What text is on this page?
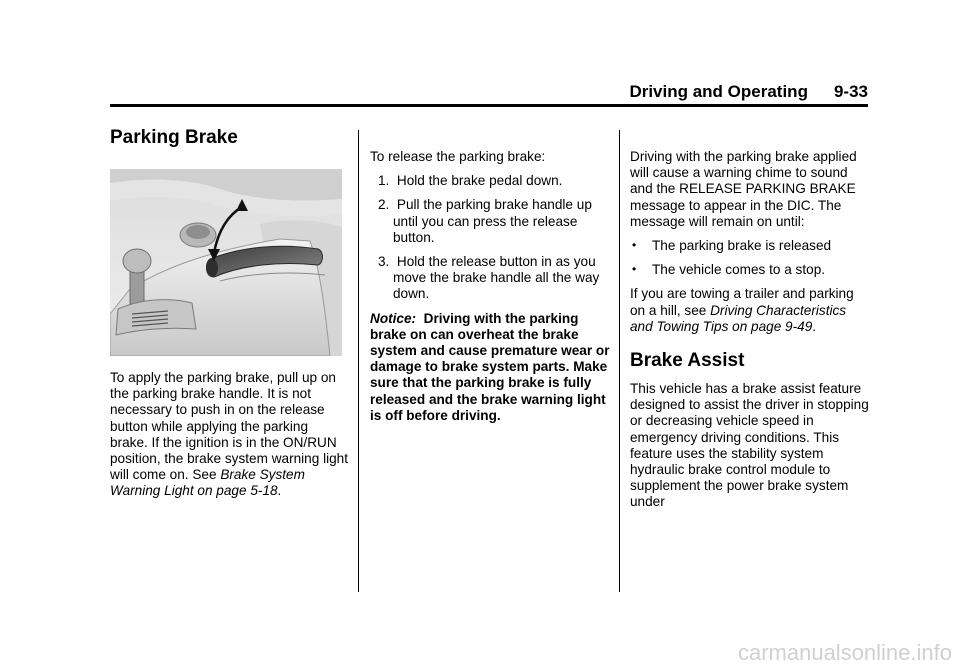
Driving and Operating 9-33
Parking Brake

To apply the parking brake, pull up on the parking brake handle. It is not necessary to push in on the release button while applying the parking brake. If the ignition is in the ON/RUN position, the brake system warning light will come on. See Brake System Warning Light on page 5-18.

To release the parking brake:

1. Hold the brake pedal down.
2. Pull the parking brake handle up until you can press the release button.
3. Hold the release button in as you move the brake handle all the way down.

Notice: Driving with the parking brake on can overheat the brake system and cause premature wear or damage to brake system parts. Make sure that the parking brake is fully released and the brake warning light is off before driving.

Driving with the parking brake applied will cause a warning chime to sound and the RELEASE PARKING BRAKE message to appear in the DIC. The message will remain on until:

• The parking brake is released
• The vehicle comes to a stop.

If you are towing a trailer and parking on a hill, see Driving Characteristics and Towing Tips on page 9-49.

Brake Assist

This vehicle has a brake assist feature designed to assist the driver in stopping or decreasing vehicle speed in emergency driving conditions. This feature uses the stability system hydraulic brake control module to supplement the power brake system under

carmanualsonline.info
